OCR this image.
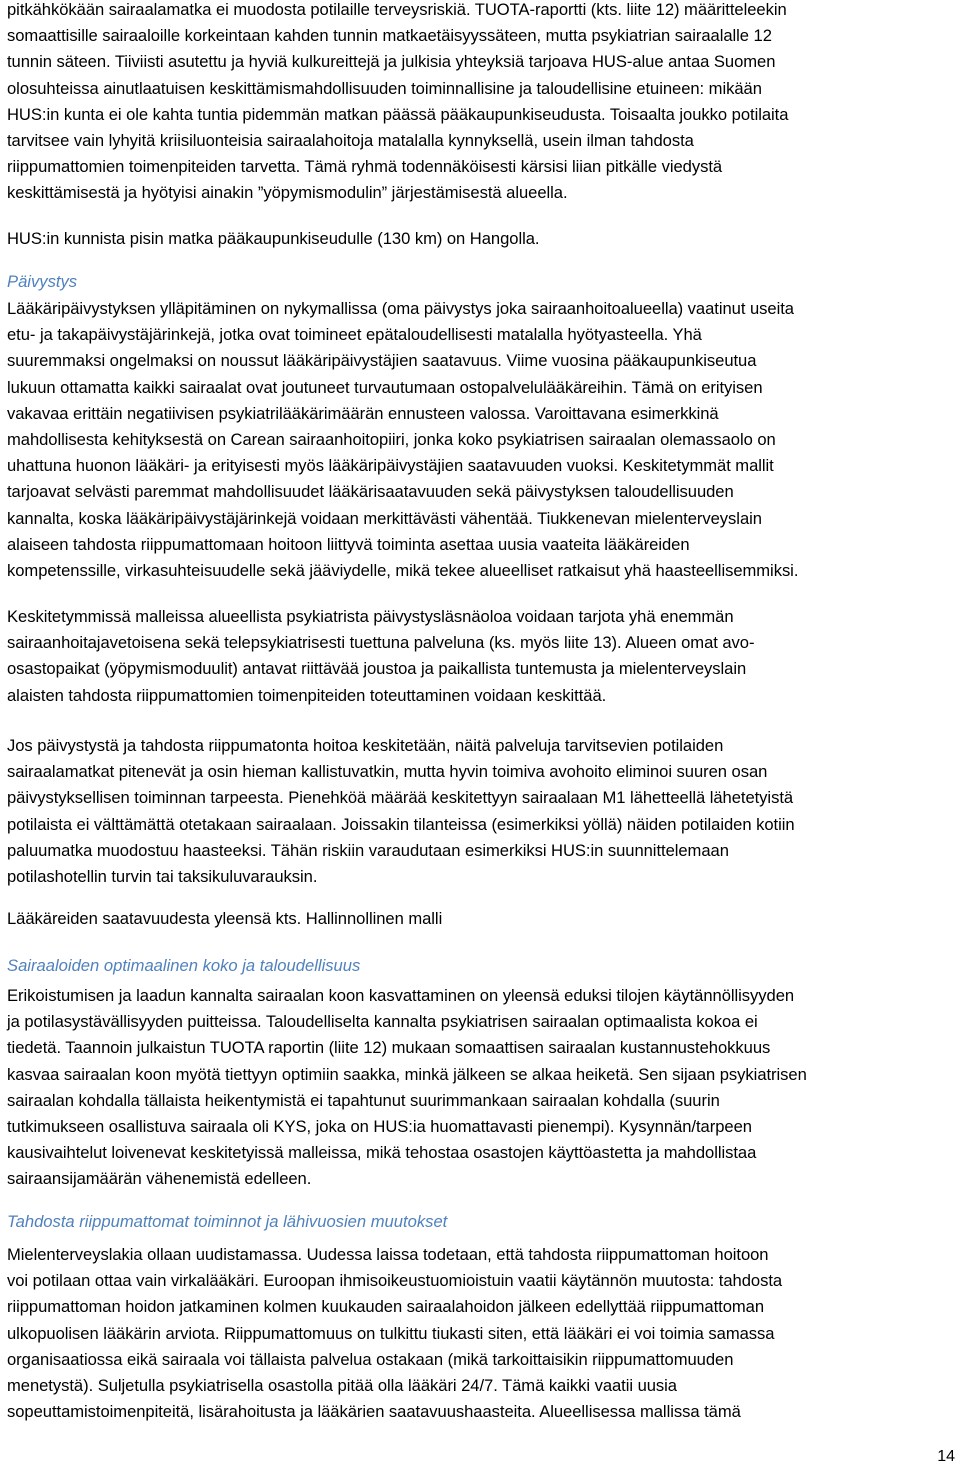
pitkähkökään sairaalamatka ei muodosta potilaille terveysriskiä. TUOTA-raportti (kts. liite 12) määritteleekin
somaattisille sairaaloille korkeintaan kahden tunnin matkaetäisyyssäteen, mutta psykiatrian sairaalalle 12
tunnin säteen. Tiiviisti asutettu ja hyviä kulkureittejä ja julkisia yhteyksiä tarjoava HUS-alue antaa Suomen
olosuhteissa ainutlaatuisen keskittämismahdollisuuden toiminnallisine ja taloudellisine etuineen: mikään
HUS:in kunta ei ole kahta tuntia pidemmän matkan päässä pääkaupunkiseudusta. Toisaalta joukko potilaita
tarvitsee vain lyhyitä kriisiluonteisia sairaalahoitoja matalalla kynnyksellä, usein ilman tahdosta
riippumattomien toimenpiteiden tarvetta. Tämä ryhmä todennäköisesti kärsisi liian pitkälle viedystä
keskittämisestä ja hyötyisi ainakin ”yöpymismodulin” järjestämisestä alueella.
HUS:in kunnista pisin matka pääkaupunkiseudulle (130 km) on Hangolla.
Päivystys
Lääkäripäivystyksen ylläpitäminen on nykymallissa (oma päivystys joka sairaanhoitoalueella) vaatinut useita
etu- ja takapäivystäjärinkejä, jotka ovat toimineet epätaloudellisesti matalalla hyötyasteella. Yhä
suuremmaksi ongelmaksi on noussut lääkäripäivystäjien saatavuus. Viime vuosina pääkaupunkiseutua
lukuun ottamatta kaikki sairaalat ovat joutuneet turvautumaan ostopalvelulääkäreihin. Tämä on erityisen
vakavaa erittäin negatiivisen psykiatrilääkärimäärän ennusteen valossa. Varoittavana esimerkkinä
mahdollisesta kehityksestä on Carean sairaanhoitopiiri, jonka koko psykiatrisen sairaalan olemassaolo on
uhattuna huonon lääkäri- ja erityisesti myös lääkäripäivystäjien saatavuuden vuoksi. Keskitetymmät mallit
tarjoavat selvästi paremmat mahdollisuudet lääkärisaatavuuden sekä päivystyksen taloudellisuuden
kannalta, koska lääkäripäivystäjärinkejä voidaan merkittävästi vähentää. Tiukkenevan mielenterveyslain
alaiseen tahdosta riippumattomaan hoitoon liittyvä toiminta asettaa uusia vaateita lääkäreiden
kompetenssille, virkasuhteisuudelle sekä jääviydelle, mikä tekee alueelliset ratkaisut yhä haasteellisemmiksi.
Keskitetymmissä malleissa alueellista psykiatrista päivystysläsnäoloa voidaan tarjota yhä enemmän
sairaanhoitajavetoisena sekä telepsykiatrisesti tuettuna palveluna (ks. myös liite 13). Alueen omat avo-
osastopaikat (yöpymismoduulit) antavat riittävää joustoa ja paikallista tuntemusta ja mielenterveyslain
alaisten tahdosta riippumattomien toimenpiteiden toteuttaminen voidaan keskittää.
Jos päivystystä ja tahdosta riippumatonta hoitoa keskitetään, näitä palveluja tarvitsevien potilaiden
sairaalamatkat pitenevät ja osin hieman kallistuvatkin, mutta hyvin toimiva avohoito eliminoi suuren osan
päivystyksellisen toiminnan tarpeesta. Pienehköä määrää keskitettyyn sairaalaan M1 lähetteellä lähetetyistä
potilaista ei välttämättä otetakaan sairaalaan. Joissakin tilanteissa (esimerkiksi yöllä) näiden potilaiden kotiin
paluumatka muodostuu haasteeksi. Tähän riskiin varaudutaan esimerkiksi HUS:in suunnittelemaan
potilashotellin turvin tai taksikuluvarauksin.
Lääkäreiden saatavuudesta yleensä kts. Hallinnollinen malli
Sairaaloiden optimaalinen koko ja taloudellisuus
Erikoistumisen ja laadun kannalta sairaalan koon kasvattaminen on yleensä eduksi tilojen käytännöllisyyden
ja potilasystävällisyyden puitteissa. Taloudelliselta kannalta psykiatrisen sairaalan optimaalista kokoa ei
tiedetä. Taannoin julkaistun TUOTA raportin (liite 12) mukaan somaattisen sairaalan kustannustehokkuus
kasvaa sairaalan koon myötä tiettyyn optimiin saakka, minkä jälkeen se alkaa heiketä. Sen sijaan psykiatrisen
sairaalan kohdalla tällaista heikentymistä ei tapahtunut suurimmankaan sairaalan kohdalla (suurin
tutkimukseen osallistuva sairaala oli KYS, joka on HUS:ia huomattavasti pienempi). Kysynnän/tarpeen
kausivaihtelut loivenevat keskitetyissä malleissa, mikä tehostaa osastojen käyttöastetta ja mahdollistaa
sairaansijamäärän vähenemistä edelleen.
Tahdosta riippumattomat toiminnot ja lähivuosien muutokset
Mielenterveyslakia ollaan uudistamassa. Uudessa laissa todetaan, että tahdosta riippumattoman hoitoon
voi potilaan ottaa vain virkalääkäri. Euroopan ihmisoikeustuomioistuin vaatii käytännön muutosta: tahdosta
riippumattoman hoidon jatkaminen kolmen kuukauden sairaalahoidon jälkeen edellyttää riippumattoman
ulkopuolisen lääkärin arviota. Riippumattomuus on tulkittu tiukasti siten, että lääkäri ei voi toimia samassa
organisaatiossa eikä sairaala voi tällaista palvelua ostakaan (mikä tarkoittaisikin riippumattomuuden
menetystä). Suljetulla psykiatrisella osastolla pitää olla lääkäri 24/7. Tämä kaikki vaatii uusia
sopeuttamistoimenpiteitä, lisärahoitusta ja lääkärien saatavuushaasteita. Alueellisessa mallissa tämä
14
